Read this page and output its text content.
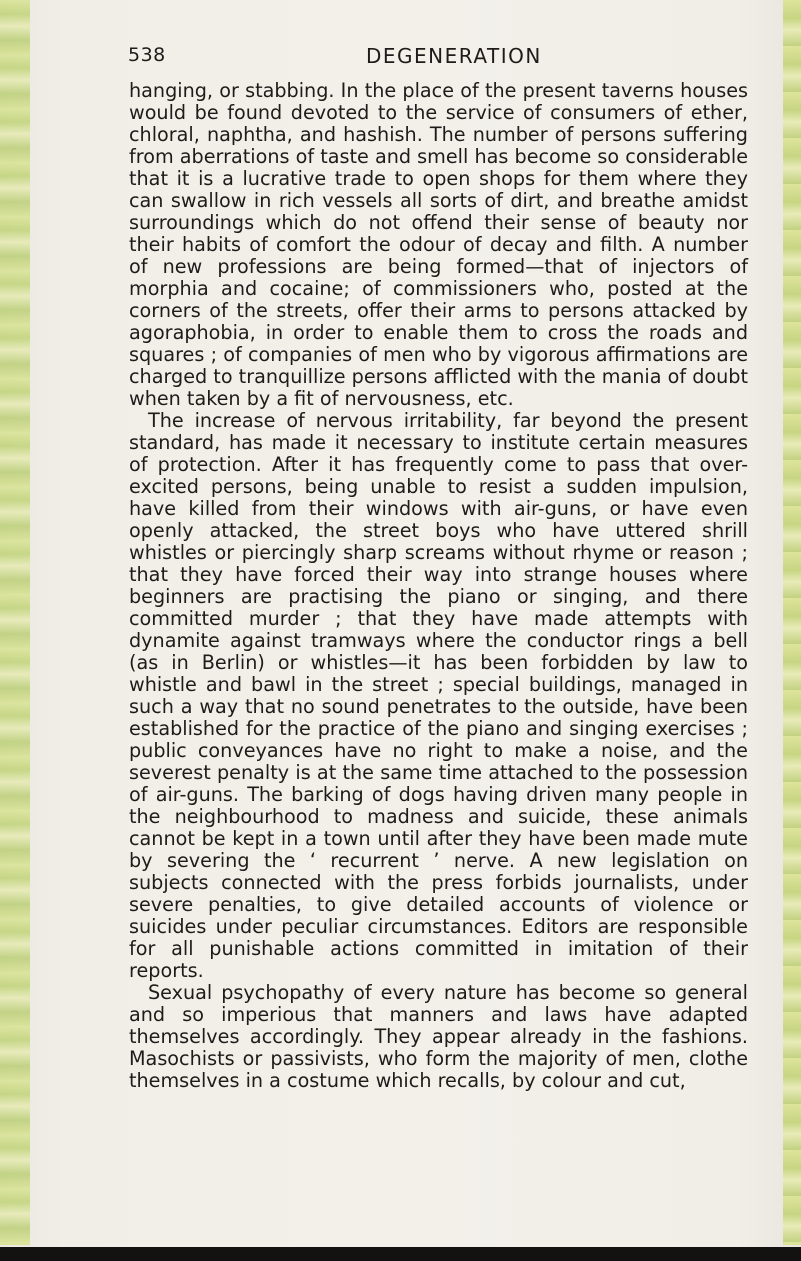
538	DEGENERATION

hanging, or stabbing. In the place of the present taverns houses would be found devoted to the service of consumers of ether, chloral, naphtha, and hashish. The number of persons suffering from aberrations of taste and smell has become so considerable that it is a lucrative trade to open shops for them where they can swallow in rich vessels all sorts of dirt, and breathe amidst surroundings which do not offend their sense of beauty nor their habits of comfort the odour of decay and filth. A number of new professions are being formed—that of injectors of morphia and cocaine; of commissioners who, posted at the corners of the streets, offer their arms to persons attacked by agoraphobia, in order to enable them to cross the roads and squares ; of companies of men who by vigorous affirmations are charged to tranquillize persons afflicted with the mania of doubt when taken by a fit of nervousness, etc.

The increase of nervous irritability, far beyond the present standard, has made it necessary to institute certain measures of protection. After it has frequently come to pass that over-excited persons, being unable to resist a sudden impulsion, have killed from their windows with air-guns, or have even openly attacked, the street boys who have uttered shrill whistles or piercingly sharp screams without rhyme or reason ; that they have forced their way into strange houses where beginners are practising the piano or singing, and there committed murder ; that they have made attempts with dynamite against tramways where the conductor rings a bell (as in Berlin) or whistles—it has been forbidden by law to whistle and bawl in the street ; special buildings, managed in such a way that no sound penetrates to the outside, have been established for the practice of the piano and singing exercises ; public conveyances have no right to make a noise, and the severest penalty is at the same time attached to the possession of air-guns. The barking of dogs having driven many people in the neighbourhood to madness and suicide, these animals cannot be kept in a town until after they have been made mute by severing the ‘ recurrent ’ nerve. A new legislation on subjects connected with the press forbids journalists, under severe penalties, to give detailed accounts of violence or suicides under peculiar circumstances. Editors are responsible for all punishable actions committed in imitation of their reports.

Sexual psychopathy of every nature has become so general and so imperious that manners and laws have adapted themselves accordingly. They appear already in the fashions. Masochists or passivists, who form the majority of men, clothe themselves in a costume which recalls, by colour and cut,
